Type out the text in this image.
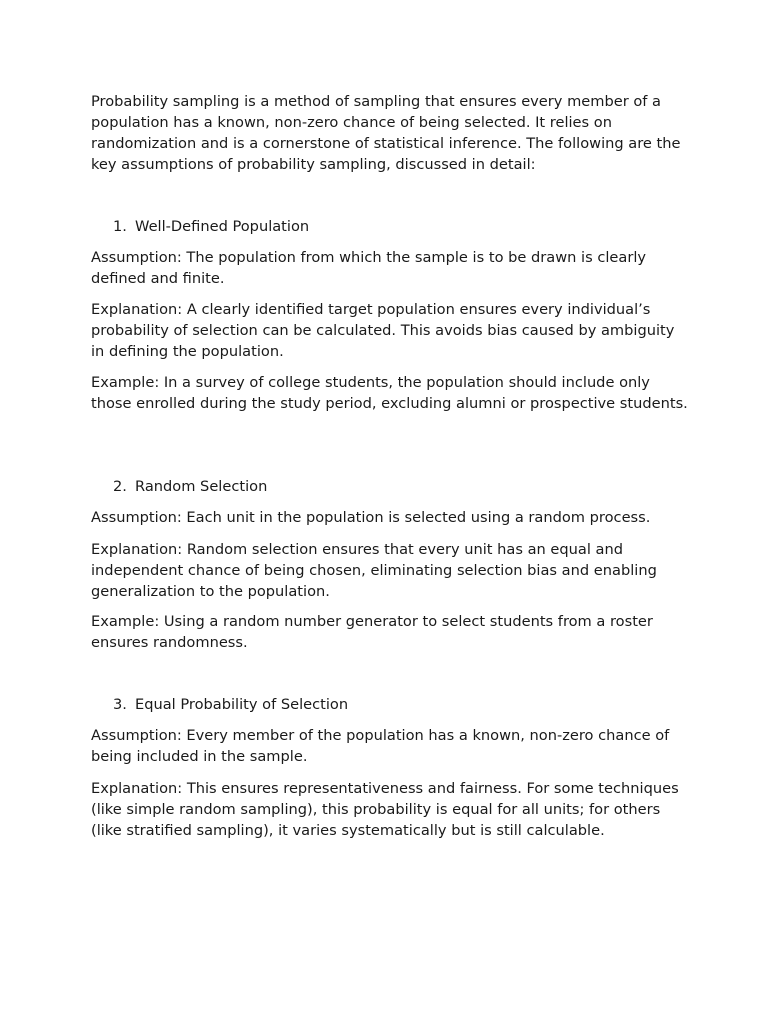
Probability sampling is a method of sampling that ensures every member of a population has a known, non-zero chance of being selected. It relies on randomization and is a cornerstone of statistical inference. The following are the key assumptions of probability sampling, discussed in detail:

1. Well-Defined Population

Assumption: The population from which the sample is to be drawn is clearly defined and finite.

Explanation: A clearly identified target population ensures every individual’s probability of selection can be calculated. This avoids bias caused by ambiguity in defining the population.

Example: In a survey of college students, the population should include only those enrolled during the study period, excluding alumni or prospective students.

2. Random Selection

Assumption: Each unit in the population is selected using a random process.

Explanation: Random selection ensures that every unit has an equal and independent chance of being chosen, eliminating selection bias and enabling generalization to the population.

Example: Using a random number generator to select students from a roster ensures randomness.

3. Equal Probability of Selection

Assumption: Every member of the population has a known, non-zero chance of being included in the sample.

Explanation: This ensures representativeness and fairness. For some techniques (like simple random sampling), this probability is equal for all units; for others (like stratified sampling), it varies systematically but is still calculable.
